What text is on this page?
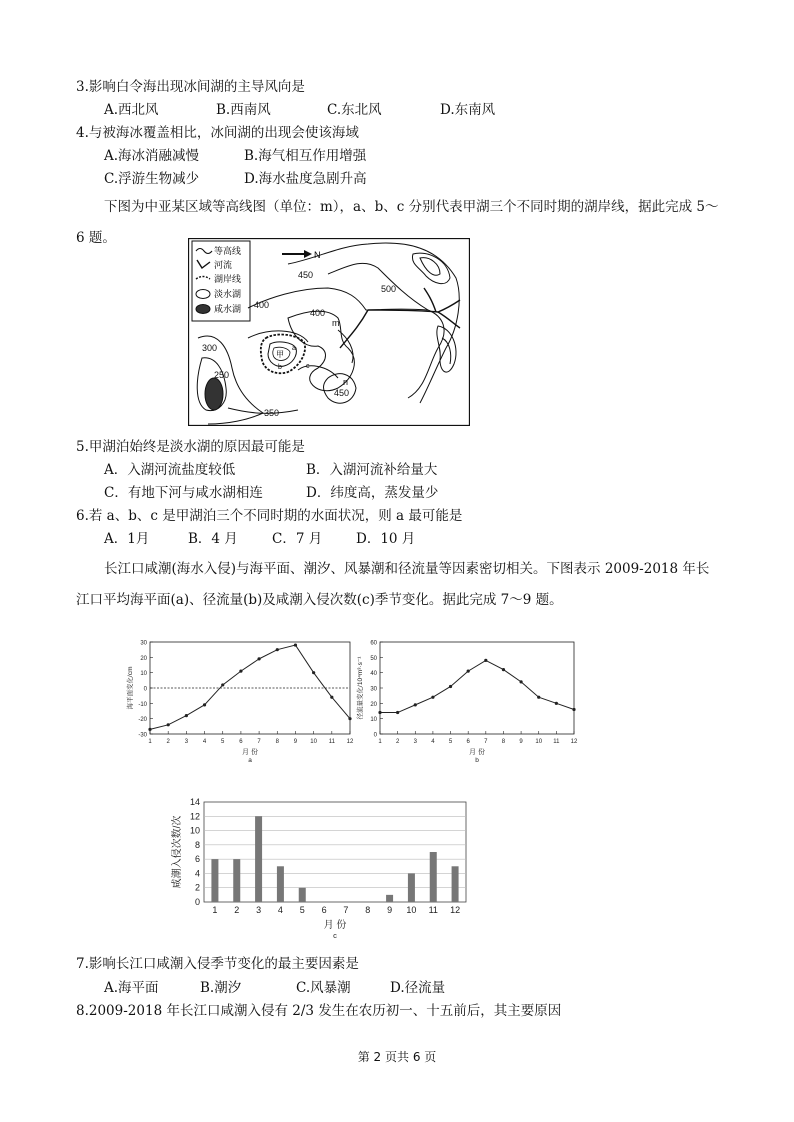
3.影响白令海出现冰间湖的主导风向是
A.西北风	B.西南风	C.东北风	D.东南风
4.与被海冰覆盖相比，冰间湖的出现会使该海域
A.海冰消融减慢	B.海气相互作用增强
C.浮游生物减少	D.海水盐度急剧升高
下图为中亚某区域等高线图（单位：m），a、b、c 分别代表甲湖三个不同时期的湖岸线，据此完成 5～
6 题。
等高线
河流
湖岸线
淡水湖
咸水湖
N
甲
450
500
400
400
300
250
350
450
m
n
a
b	c
5.甲湖泊始终是淡水湖的原因最可能是
A．入湖河流盐度较低	B．入湖河流补给量大
C．有地下河与咸水湖相连	D．纬度高，蒸发量少
6.若 a、b、c 是甲湖泊三个不同时期的水面状况，则 a 最可能是
A．1月	B．4 月	C．7 月	D．10 月
长江口咸潮(海水入侵)与海平面、潮汐、风暴潮和径流量等因素密切相关。下图表示 2009-2018 年长
江口平均海平面(a)、径流量(b)及咸潮入侵次数(c)季节变化。据此完成 7～9 题。
-30
-20
-10
0
10
20
30
1 2 3 4 5 6 7 8 9 10 11 12
海平面变化/cm
月 份
a
0
10
20
30
40
50
60
1 2 3 4 5 6 7 8 9 10 11 12
径流量变化/10⁴m³·s⁻¹
月 份
b
0
2
4
6
8
10
12
14
1 2 3 4 5 6 7 8 9 10 11 12
咸潮入侵次数/次
月 份
c
7.影响长江口咸潮入侵季节变化的最主要因素是
A.海平面	B.潮汐	C.风暴潮	D.径流量
8.2009-2018 年长江口咸潮入侵有 2/3 发生在农历初一、十五前后，其主要原因
第 2 页共 6 页
